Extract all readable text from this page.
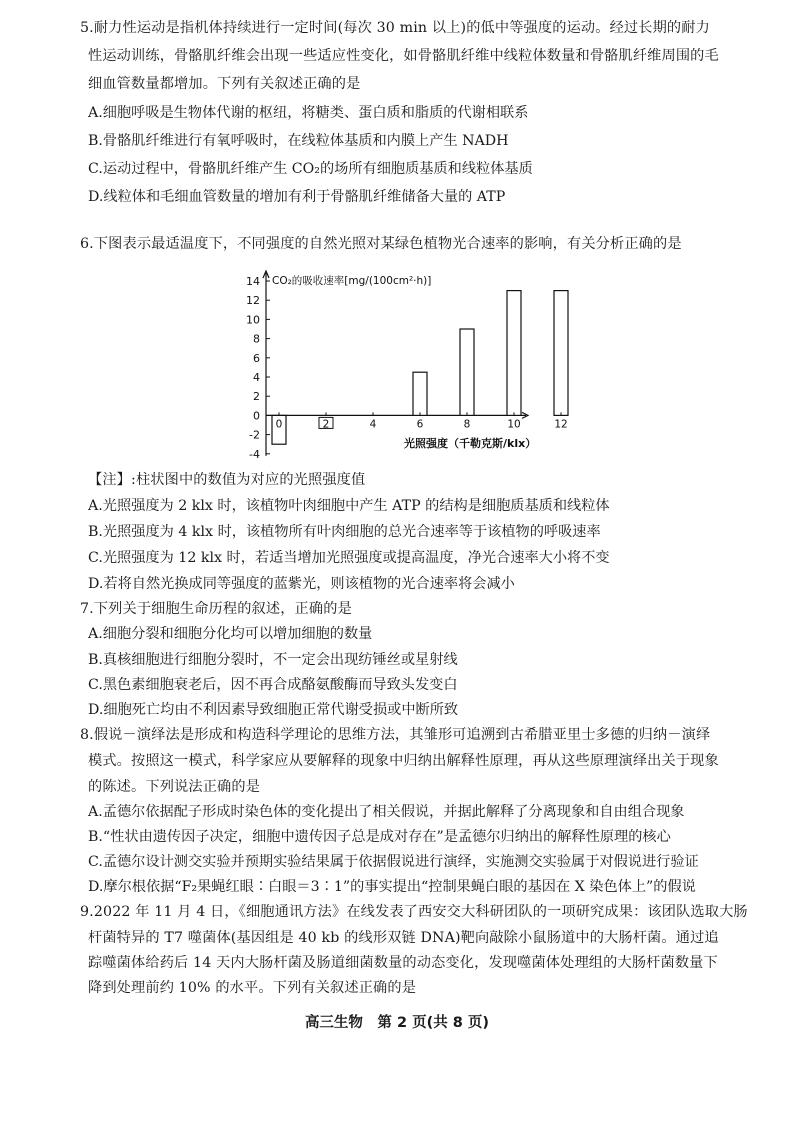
5.耐力性运动是指机体持续进行一定时间(每次 30 min 以上)的低中等强度的运动。经过长期的耐力
性运动训练，骨骼肌纤维会出现一些适应性变化，如骨骼肌纤维中线粒体数量和骨骼肌纤维周围的毛
细血管数量都增加。下列有关叙述正确的是
A.细胞呼吸是生物体代谢的枢纽，将糖类、蛋白质和脂质的代谢相联系
B.骨骼肌纤维进行有氧呼吸时，在线粒体基质和内膜上产生 NADH
C.运动过程中，骨骼肌纤维产生 CO₂的场所有细胞质基质和线粒体基质
D.线粒体和毛细血管数量的增加有利于骨骼肌纤维储备大量的 ATP
6.下图表示最适温度下，不同强度的自然光照对某绿色植物光合速率的影响，有关分析正确的是
14
12
10
8
6
4
2
0
-2
-4
0	2	4	6	8	10	12
CO₂的吸收速率[mg/(100cm²·h)]
光照强度（千勒克斯/klx）
【注】:柱状图中的数值为对应的光照强度值
A.光照强度为 2 klx 时，该植物叶肉细胞中产生 ATP 的结构是细胞质基质和线粒体
B.光照强度为 4 klx 时，该植物所有叶肉细胞的总光合速率等于该植物的呼吸速率
C.光照强度为 12 klx 时，若适当增加光照强度或提高温度，净光合速率大小将不变
D.若将自然光换成同等强度的蓝紫光，则该植物的光合速率将会减小
7.下列关于细胞生命历程的叙述，正确的是
A.细胞分裂和细胞分化均可以增加细胞的数量
B.真核细胞进行细胞分裂时，不一定会出现纺锤丝或星射线
C.黑色素细胞衰老后，因不再合成酪氨酸酶而导致头发变白
D.细胞死亡均由不利因素导致细胞正常代谢受损或中断所致
8.假说－演绎法是形成和构造科学理论的思维方法，其雏形可追溯到古希腊亚里士多德的归纳－演绎
模式。按照这一模式，科学家应从要解释的现象中归纳出解释性原理，再从这些原理演绎出关于现象
的陈述。下列说法正确的是
A.孟德尔依据配子形成时染色体的变化提出了相关假说，并据此解释了分离现象和自由组合现象
B.“性状由遗传因子决定，细胞中遗传因子总是成对存在”是孟德尔归纳出的解释性原理的核心
C.孟德尔设计测交实验并预期实验结果属于依据假说进行演绎，实施测交实验属于对假说进行验证
D.摩尔根依据“F₂果蝇红眼∶白眼＝3∶1”的事实提出“控制果蝇白眼的基因在 X 染色体上”的假说
9.2022 年 11 月 4 日，《细胞通讯方法》在线发表了西安交大科研团队的一项研究成果：该团队选取大肠
杆菌特异的 T7 噬菌体(基因组是 40 kb 的线形双链 DNA)靶向敲除小鼠肠道中的大肠杆菌。通过追
踪噬菌体给药后 14 天内大肠杆菌及肠道细菌数量的动态变化，发现噬菌体处理组的大肠杆菌数量下
降到处理前约 10% 的水平。下列有关叙述正确的是
高三生物　第 2 页(共 8 页)
